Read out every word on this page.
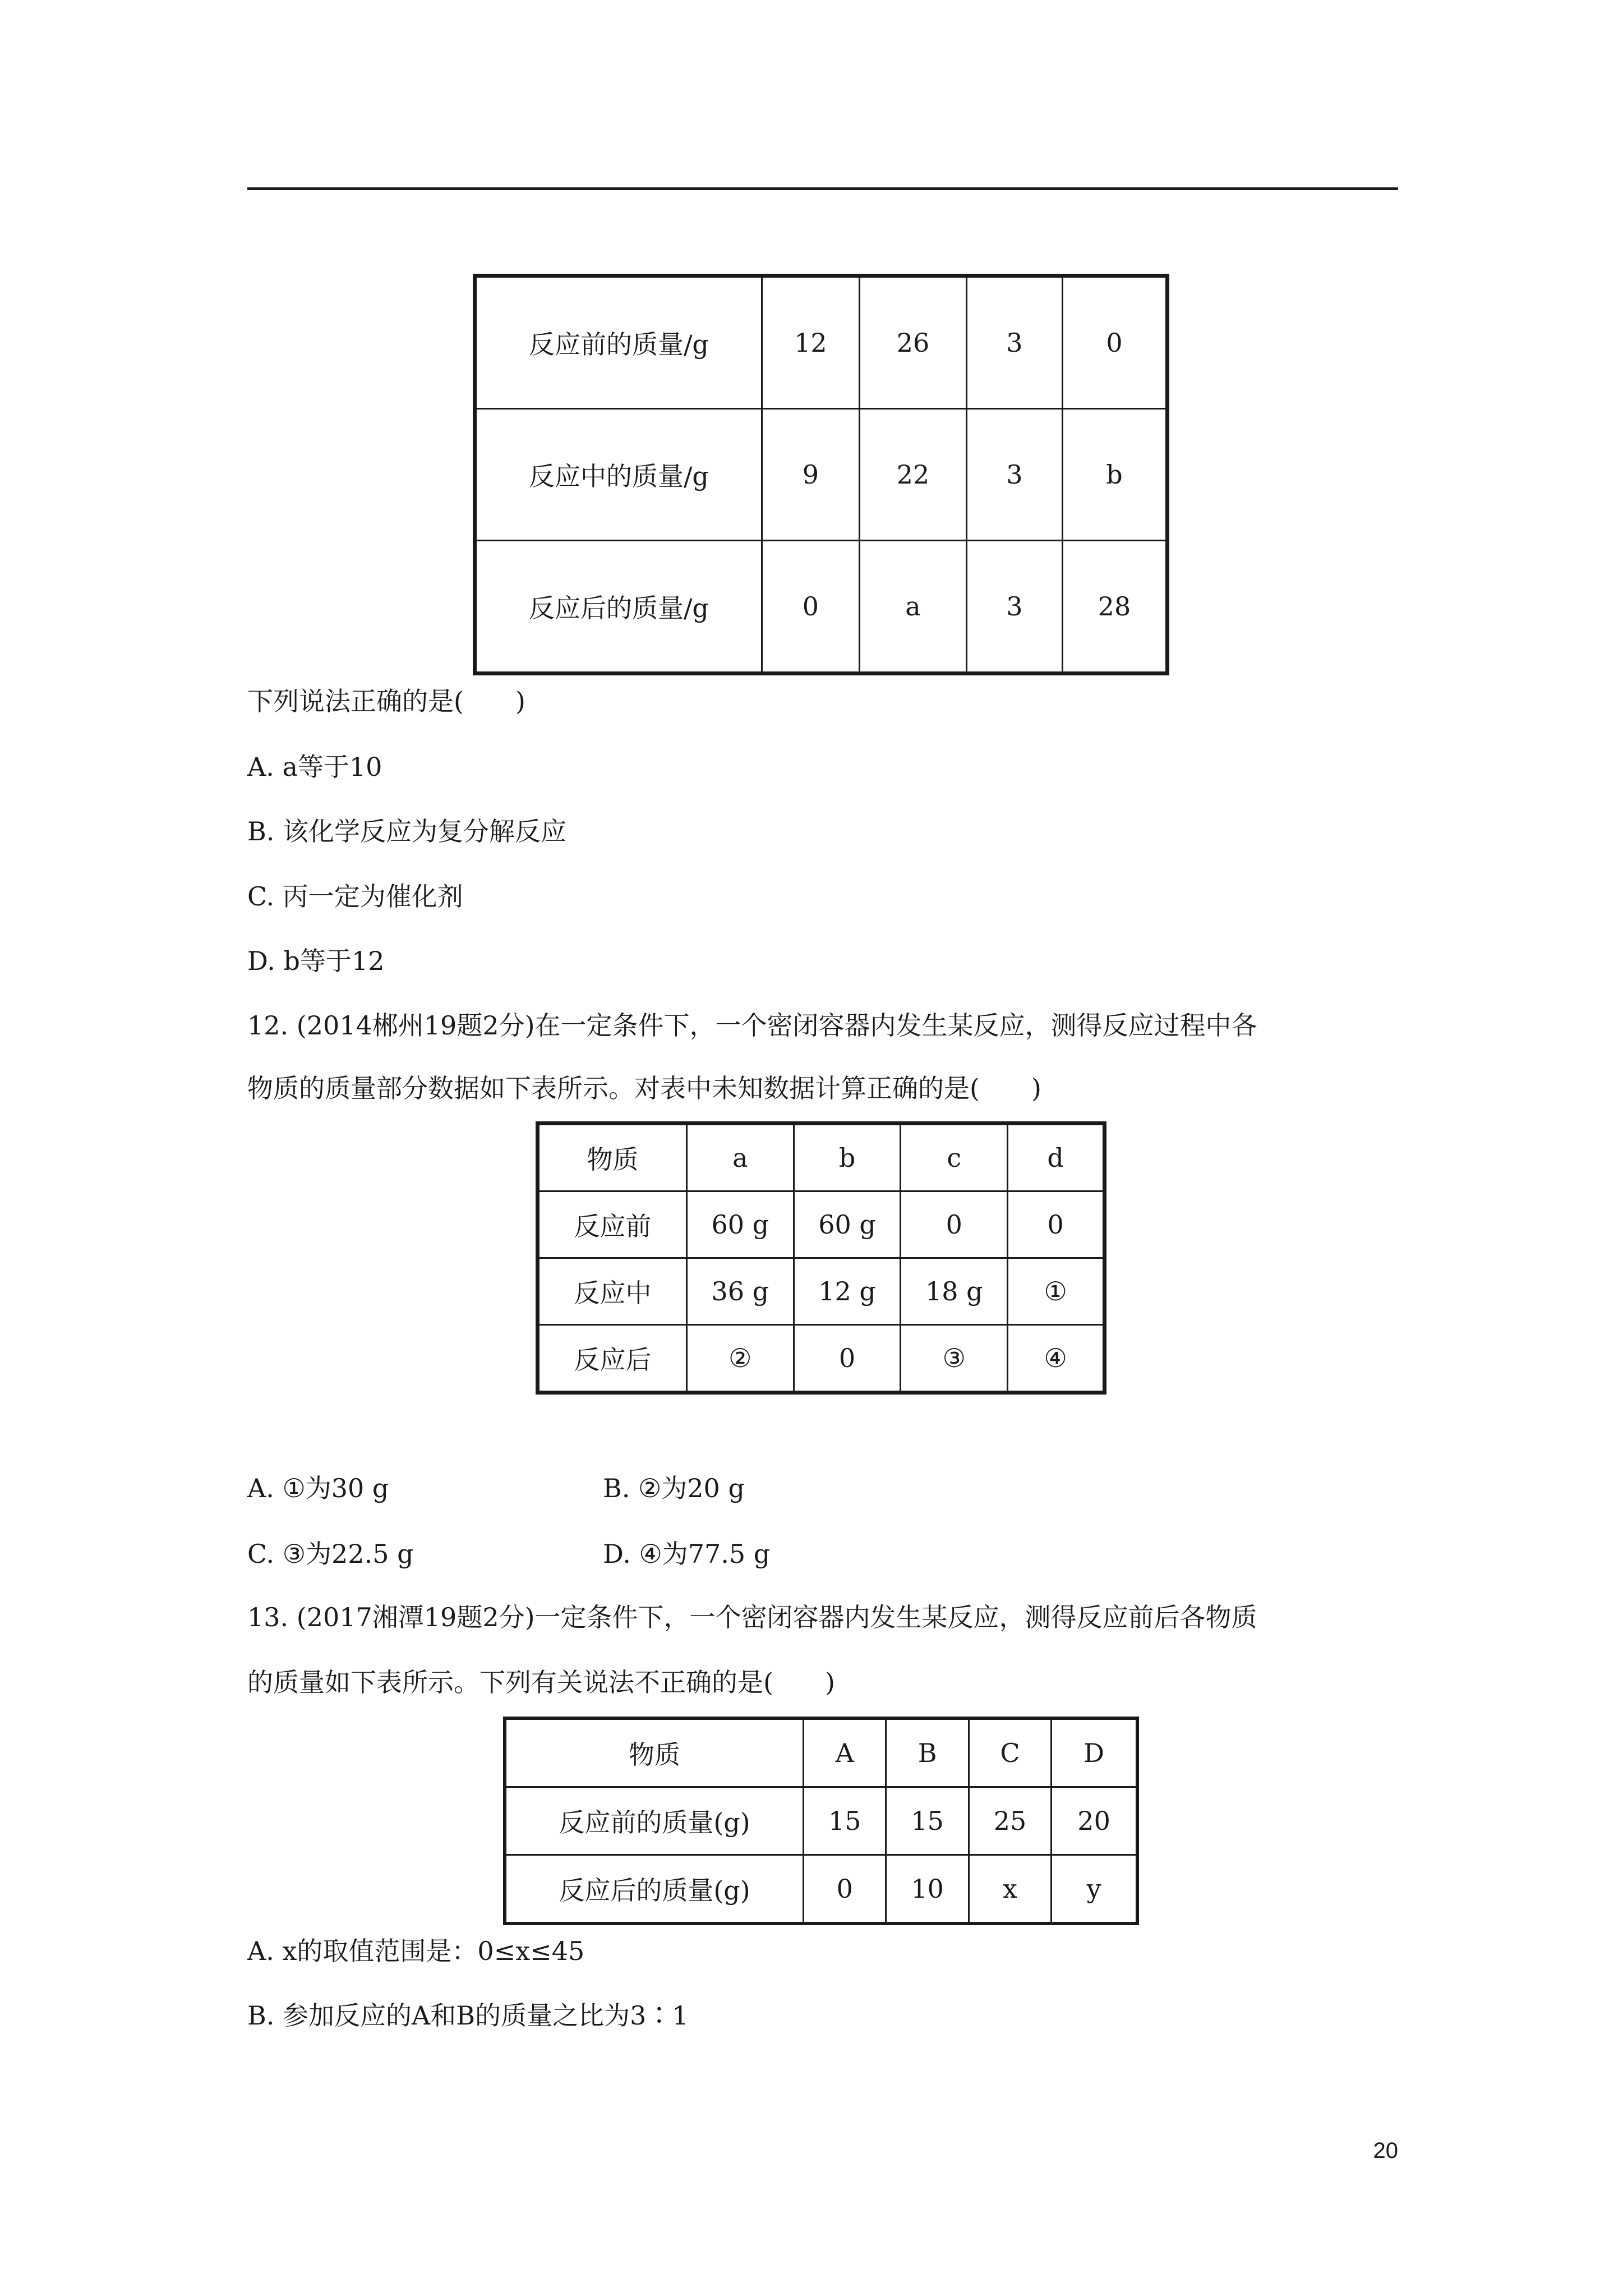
反应前的质量/g	12	26	3	0
反应中的质量/g	9	22	3	b
反应后的质量/g	0	a	3	28
下列说法正确的是(　　)
A. a等于10
B. 该化学反应为复分解反应
C. 丙一定为催化剂
D. b等于12
12. (2014郴州19题2分)在一定条件下，一个密闭容器内发生某反应，测得反应过程中各
物质的质量部分数据如下表所示。对表中未知数据计算正确的是(　　)
物质	a	b	c	d
反应前	60 g	60 g	0	0
反应中	36 g	12 g	18 g	①
反应后	②	0	③	④
A. ①为30 g	B. ②为20 g
C. ③为22.5 g	D. ④为77.5 g
13. (2017湘潭19题2分)一定条件下，一个密闭容器内发生某反应，测得反应前后各物质
的质量如下表所示。下列有关说法不正确的是(　　)
物质	A	B	C	D
反应前的质量(g)	15	15	25	20
反应后的质量(g)	0	10	x	y
A. x的取值范围是：0≤x≤45
B. 参加反应的A和B的质量之比为3∶1
20
